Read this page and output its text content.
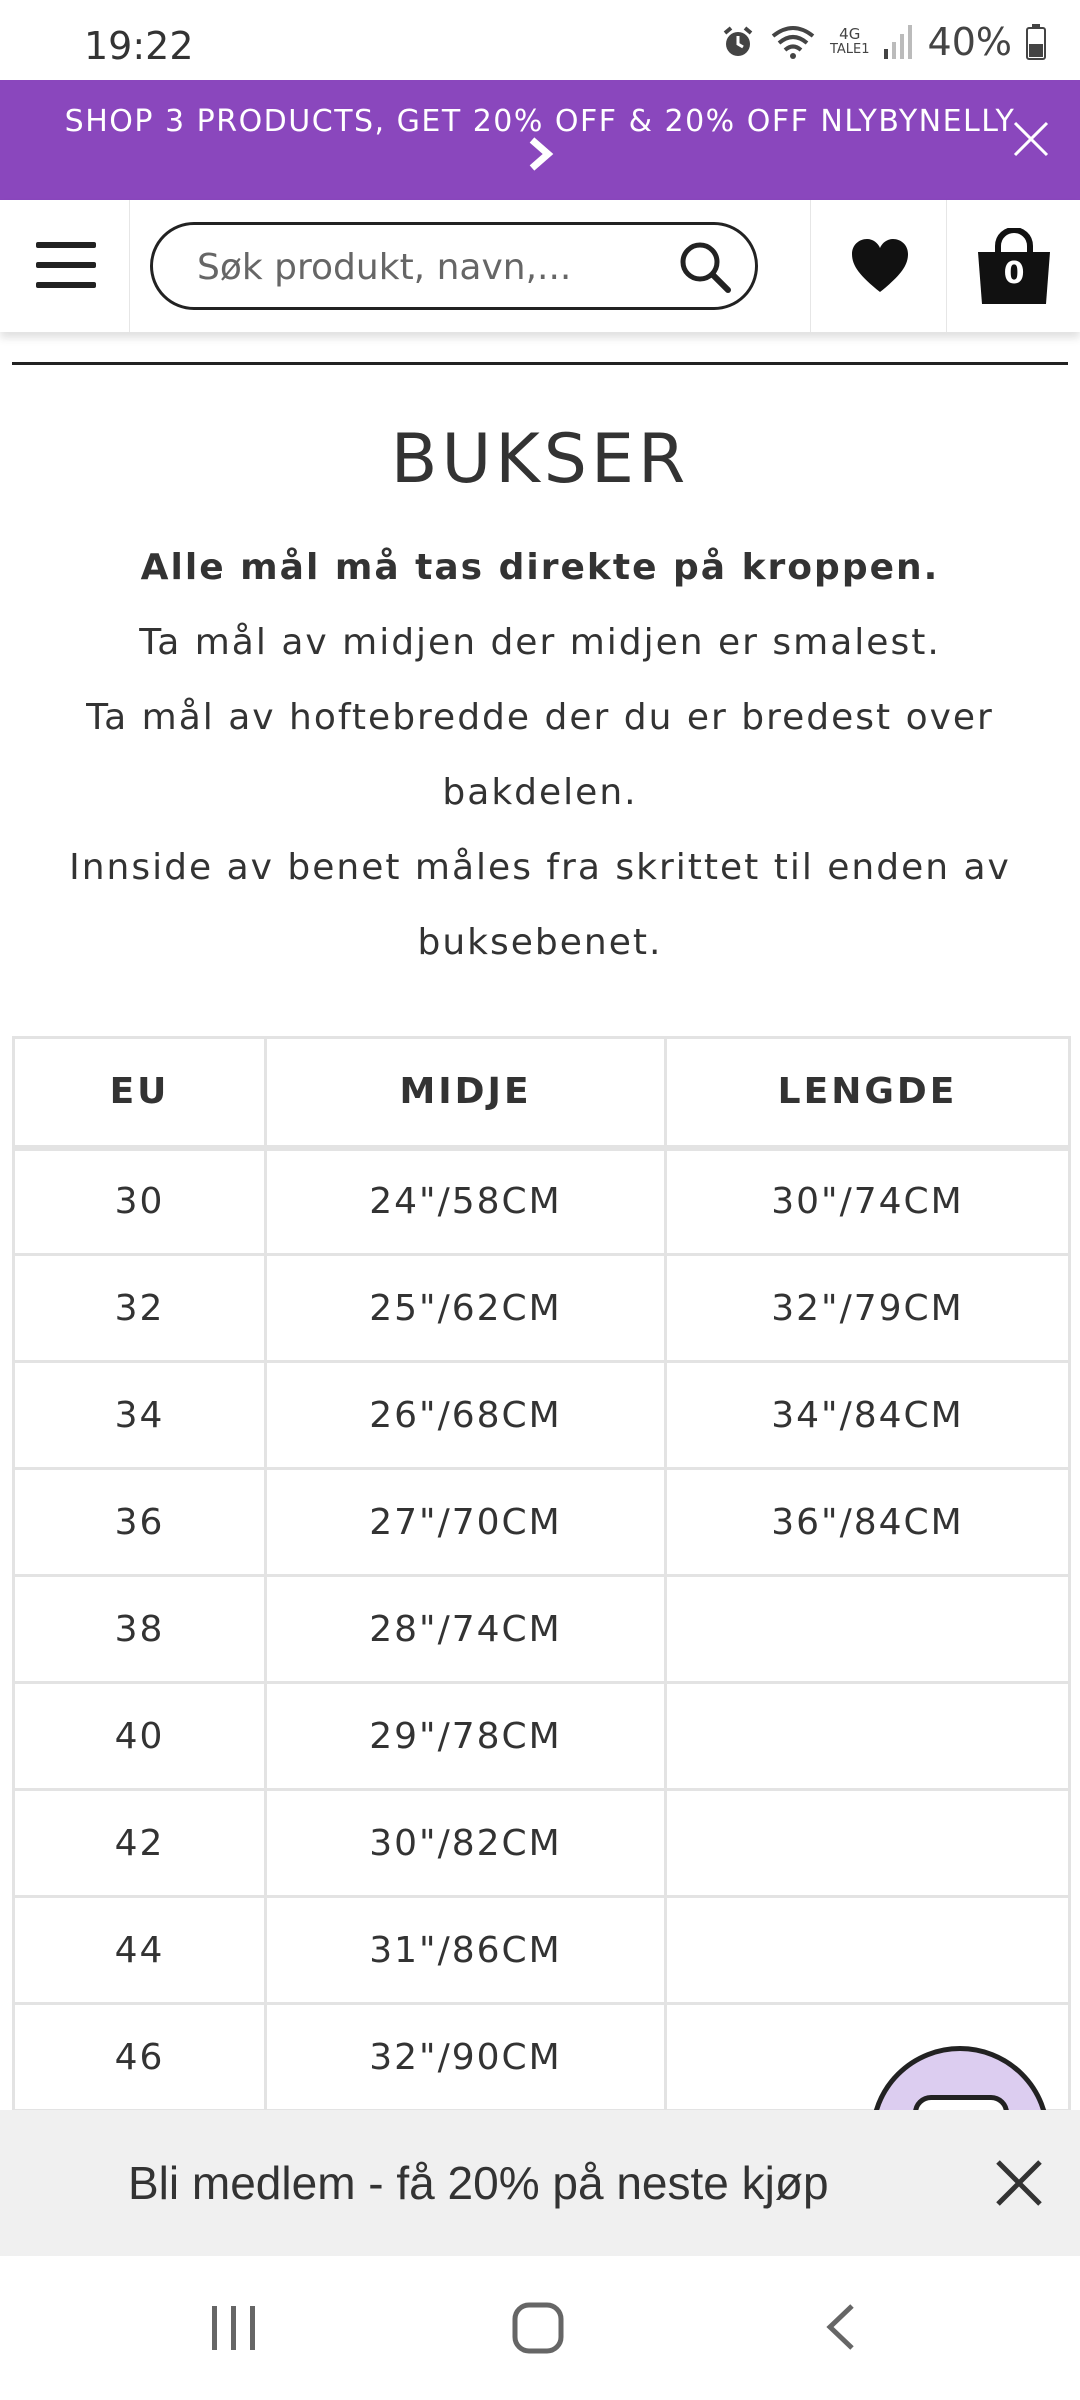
19:22	4G
TALE1 40%
SHOP 3 PRODUCTS, GET 20% OFF & 20% OFF NLYBYNELLY
Søk produkt, navn,...
0
BUKSER
Alle mål må tas direkte på kroppen.
Ta mål av midjen der midjen er smalest.
Ta mål av hoftebredde der du er bredest over bakdelen.
Innside av benet måles fra skrittet til enden av buksebenet.
EU	MIDJE	LENGDE
30	24"/58CM	30"/74CM
32	25"/62CM	32"/79CM
34	26"/68CM	34"/84CM
36	27"/70CM	36"/84CM
38	28"/74CM	
40	29"/78CM	
42	30"/82CM	
44	31"/86CM	
46	32"/90CM	
Bli medlem - få 20% på neste kjøp
